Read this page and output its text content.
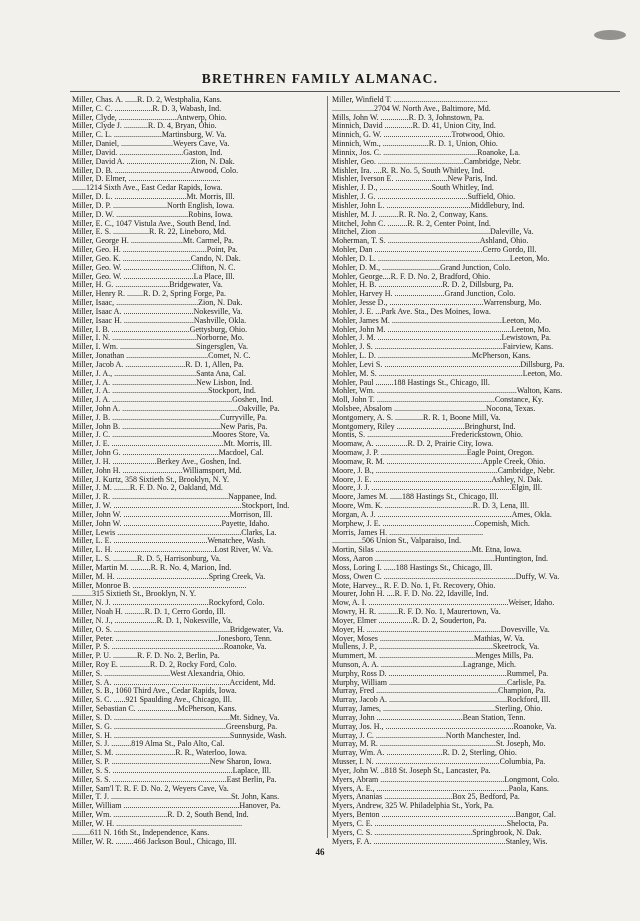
BRETHREN FAMILY ALMANAC.
Miller, Chas. A. ......R. D. 2, Westphalia, Kans.
Miller, C. C. ...................R. D. 3, Wabash, Ind.
Miller, Clyde, .............................Antwerp, Ohio.
Miller, Clyde J. ............R. D. 4, Bryan, Ohio.
Miller, C. L. ........................Martinsburg, W. Va.
Miller, Daniel, ..........................Weyers Cave, Va.
Miller, David. ................................Gaston, Ind.
Miller, David A. ................................Zion, N. Dak.
Miller, D. B. ......................................Atwood, Colo.
Miller, D. Elmer, ..............................................
.......1214 Sixth Ave., East Cedar Rapids, Iowa.
Miller, D. L. ....................................Mt. Morris, Ill.
Miller, D. P. ...........................North English, Iowa.
Miller, D. W. ....................................Robins, Iowa.
Miller, E. C., 1047 Vistula Ave., South Bend, Ind.
Miller, E. S. ..................R. R. 22, Lineboro, Md.
Miller, George H. ..........................Mt. Carmel, Pa.
Miller, Geo. H. ..........................................Point, Pa.
Miller, Geo. K. ..................................Cando, N. Dak.
Miller, Geo. W. ..................................Clifton, N. C.
Miller, Geo. W. ...................................La Place, Ill.
Miller, H. G. ...........................Bridgewater, Va.
Miller, Henry R. ........R. D. 2, Spring Forge, Pa.
Miller, Isaac, .........................................Zion, N. Dak.
Miller, Isaac A. ...................................Nokesville, Va.
Miller, Isaac H. ...................................Nashville, Okla.
Miller, I. B. .......................................Gettysburg, Ohio.
Miller, I. N. ..........................................Norborne, Mo.
Miller, I. Wm. ......................................Singersglen, Va.
Miller, Jonathan .........................................Comet, N. C.
Miller, Jacob A. ..............................R. D. 1, Allen, Pa.
Miller, J. A., .........................................Santa Ana, Cal.
Miller, J. A. ..........................................New Lisbon, Ind.
Miller, J. A. ................................................Stockport, Ind.
Miller, J. A. ............................................................Goshen, Ind.
Miller, John A. ..........................................................Oakville, Pa.
Miller, J. B. ......................................................Curryville, Pa.
Miller, John B. .................................................New Paris, Pa.
Miller, J. C. ..................................................Moores Store, Va.
Miller, J. E. ........................................................Mt. Morris, Ill.
Miller, John G. ................................................Macdoel, Cal.
Miller, J. H. ......................Berkey Ave., Goshen, Ind.
Miller, John H. ..............................Williamsport, Md.
Miller, J. Kurtz, 358 Sixtieth St., Brooklyn, N. Y.
Miller, J. M. ........R. F. D. No. 2, Oakland, Md.
Miller, J. R. ..........................................................Nappanee, Ind.
Miller, J. W. ................................................................Stockport, Ind.
Miller, John W. .....................................................Morrison, Ill.
Miller, John W. .................................................Payette, Idaho.
Miller, Lewis ..............................................................Clarks, La.
Miller, L. E. ...............................................Wenatchee, Wash.
Miller, L. H. ..................................................Lost River, W. Va.
Miller, L. S. ............R. D. 5, Harrisonburg, Va.
Miller, Martin M. ..........R. R. No. 4, Marion, Ind.
Miller, M. H. ..............................................Spring Creek, Va.
Miller, Monroe B. .........................................................
..........315 Sixtieth St., Brooklyn, N. Y.
Miller, N. J. ................................................Rockyford, Colo.
Miller, Noah H. ..........R. D. 1, Cerro Gordo, Ill.
Miller, N. J., .....................R. D. 1, Nokesville, Va.
Miller, O. S. ..........................................................Bridgewater, Va.
Miller, Peter. ...................................................Jonesboro, Tenn.
Miller, P. S. ........................................................Roanoke, Va.
Miller, P. U. ............R. F. D. No. 2, Berlin, Pa.
Miller, Roy E. ...............R. D. 2, Rocky Ford, Colo.
Miller, S. .................................West Alexandria, Ohio.
Miller, S. A. ..........................................................Accident, Md.
Miller, S. B., 1060 Third Ave., Cedar Rapids, Iowa.
Miller, S. C. ......921 Spaulding Ave., Chicago, Ill.
Miller, Sebastian C. ....................McPherson, Kans.
Miller, S. D. ..........................................................Mt. Sidney, Va.
Miller, S. G. ........................................................Greensburg, Pa.
Miller, S. H. ..........................................................Sunnyside, Wash.
Miller, S. J. ..........819 Alma St., Palo Alto, Cal.
Miller, S. M. ..............................R. R., Waterloo, Iowa.
Miller, S. P. .................................................New Sharon, Iowa.
Miller, S. S. ............................................................Laplace, Ill.
Miller, S. S. .........................................................East Berlin, Pa.
Miller, Sam'l T. R. F. D. No. 2, Weyers Cave, Va.
Miller, T. J. ............................................................St. John, Kans.
Miller, William ..........................................................Hanover, Pa.
Miller, Wm. ...........................R. D. 2, South Bend, Ind.
Miller, W. H. ...............................................................
.........611 N. 16th St., Independence, Kans.
Miller, W. R. .........466 Jackson Boul., Chicago, Ill.
Miller, Winfield T. ...............................................
.....................2704 W. North Ave., Baltimore, Md.
Mills, John W. ..............R. D. 3, Johnstown, Pa.
Minnich, David ..............R. D. 41, Union City, Ind.
Minnich, G. W. ..................................Trotwood, Ohio.
Minnich, Wm., .......................R. D. 1, Union, Ohio.
Minnix, Jos. C. ...............................................Roanoke, La.
Mishler, Geo. ...........................................Cambridge, Nebr.
Mishler, Ira. ....R. R. No. 5, South Whitley, Ind.
Mishler, Iverson E. ..........................New Paris, Ind.
Mishler, J. D., ..........................South Whitley, Ind.
Mishler, J. G. .............................................Suffield, Ohio.
Mishler, John L. ..........................................Middlebury, Ind.
Mishler, M. J. ..........R. R. No. 2, Conway, Kans.
Mitchel, John C. ..........R. R. 2, Center Point, Ind.
Mitchel, Zion ........................................................Daleville, Va.
Moherman, T. S. ..............................................Ashland, Ohio.
Mohler, Dan ......................................................Cerro Gordo, Ill.
Mohler, D. L. ..................................................................Leeton, Mo.
Mohler, D. M., .............................Grand Junction, Colo.
Mohler, George....R. F. D. No. 2, Bradford, Ohio.
Mohler, H. B. ................................R. D. 2, Dillsburg, Pa.
Mohler, Harvey H. .........................Grand Junction, Colo.
Mohler, Jesse D., ...............................................Warrensburg, Mo.
Mohler, J. E. ...Park Ave. Sta., Des Moines, Iowa.
Mohler, James M. .......................................................Leeton, Mo.
Mohler, John M. ..............................................................Leeton, Mo.
Mohler, J. M. ..............................................................Lewistown, Pa.
Mohler, J. S. ................................................................Fairview, Kans.
Mohler, L. D. ...............................................McPherson, Kans.
Mohler, Levi S. ....................................................................Dillsburg, Pa.
Mohler, M. S. ........................................................................Leeton, Mo.
Mohler, Paul .........188 Hastings St., Chicago, Ill.
Mohler, Wm. ......................................................................Walton, Kans.
Moll, John T. ...........................................................Constance, Ky.
Molsbee, Absalom ..............................................Nocona, Texas.
Montgomery, A. S. ..............R. R. 1, Boone Mill, Va.
Montgomery, Riley ..................................Bringhurst, Ind.
Montis, S. ..........................................Frederickstown, Ohio.
Moomaw, A. ................R. D. 2, Prairie City, Iowa.
Moomaw, J. P. ...........................................Eagle Point, Oregon.
Moomaw, R. M. ................................................Apple Creek, Ohio.
Moore, J. B., .............................................................Cambridge, Nebr.
Moore, J. E. ...........................................................Ashley, N. Dak.
Moore, J. J. ......................................................................Elgin, Ill.
Moore, James M. ......188 Hastings St., Chicago, Ill.
Moore, Wm. K. ............................................R. D. 3, Lena, Ill.
Morgan, A. J. ...................................................................Ames, Okla.
Morphew, J. E. ..............................................Copemish, Mich.
Morris, James H. ...............................................
...............506 Union St., Valparaiso, Ind.
Mortin, Silas ................................................Mt. Etna, Iowa.
Moss, Aaron ............................................................Huntington, Ind.
Moss, Loring I. ......188 Hastings St., Chicago, Ill.
Moss, Owen C. ..................................................................Duffy, W. Va.
Mote, Harvey.., R. F. D. No. 1, Ft. Recovery, Ohio.
Mourer, John H. ....R. F. D. No. 22, Idaville, Ind.
Mow, A. I. ......................................................................Weiser, Idaho.
Mowry, H. R. ..........R. F. D. No. 1, Maurertown, Va.
Moyer, Elmer .................R. D. 2, Souderton, Pa.
Moyer, H. ...................................................................Dovesville, Va.
Moyer, Moses ...............................................Mathias, W. Va.
Mullens, J. P., .........................................................Skeetrock, Va.
Mummert, M. ................................................Menges Mills, Pa.
Munson, A. A. .........................................Lagrange, Mich.
Murphy, Ross D. ...........................................................Rummel, Pa.
Murphy, William ...........................................................Carlisle, Pa.
Murray, Fred .............................................................Champion, Pa.
Murray, Jacob A. ...........................................................Rockford, Ill.
Murray, James, ........................................................Sterling, Ohio.
Murray, John ...........................................Bean Station, Tenn.
Murray, Jos. H., ................................................................Roanoke, Va.
Murray, J. C. ...................................North Manchester, Ind.
Murray, M. R. ..........................................................St. Joseph, Mo.
Murray, Wm. A. ............................R. D. 2, Sterling, Ohio.
Musser, I. N. ..............................................................Columbia, Pa.
Myer, John W. ..818 St. Joseph St., Lancaster, Pa.
Myers, Abram ..............................................................Longmont, Colo.
Myers, A. E., ..................................................................Paola, Kans.
Myers, Ananias ..................................Box 25, Bedford, Pa.
Myers, Andrew, 325 W. Philadelphia St., York, Pa.
Myers, Benton ...................................................................Bangor, Cal.
Myers, C. E. ..................................................................Shelocta, Pa.
Myers, C. S. .................................................Springbrook, N. Dak.
Myers, F. A. ..................................................................Stanley, Wis.
46
